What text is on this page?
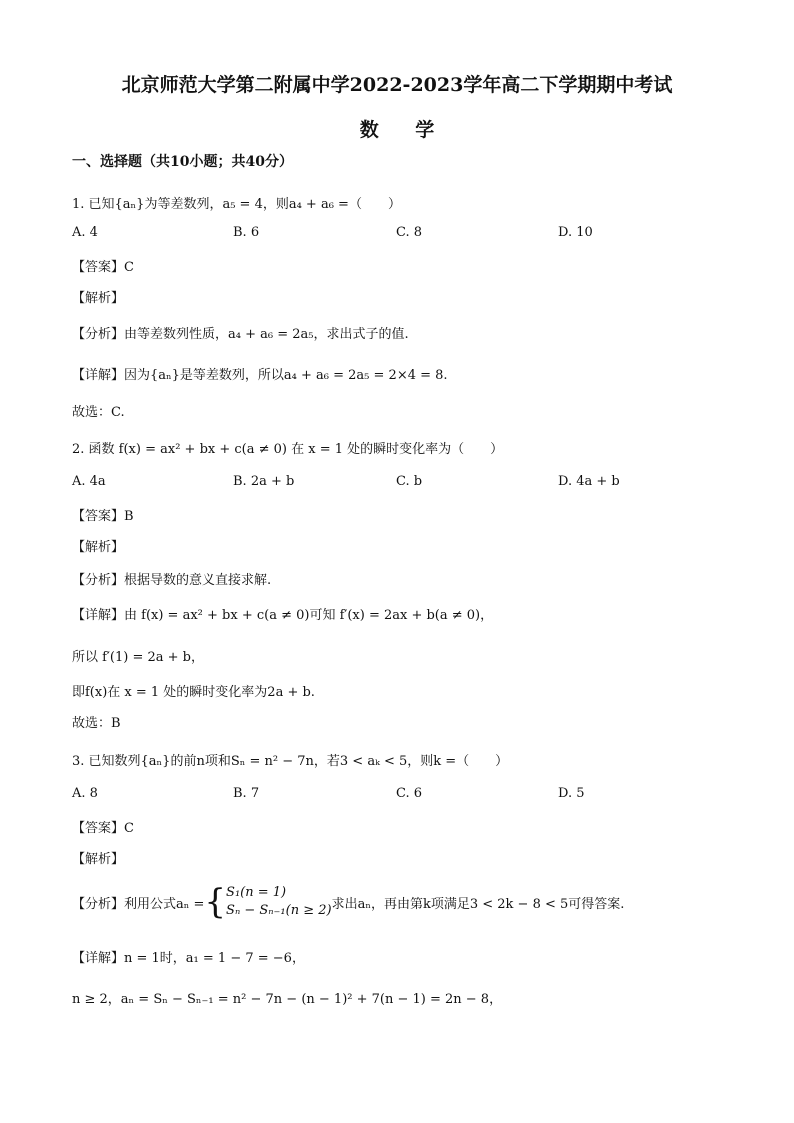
北京师范大学第二附属中学2022-2023学年高二下学期期中考试
数 学
一、选择题（共10小题；共40分）
1. 已知{aₙ}为等差数列，a₅ = 4，则a₄ + a₆ =（　　）
A. 4	B. 6	C. 8	D. 10
【答案】C
【解析】
【分析】由等差数列性质，a₄ + a₆ = 2a₅，求出式子的值.
【详解】因为{aₙ}是等差数列，所以a₄ + a₆ = 2a₅ = 2×4 = 8.
故选：C.
2. 函数 f(x) = ax² + bx + c(a ≠ 0) 在 x = 1 处的瞬时变化率为（　　）
A. 4a	B. 2a + b	C. b	D. 4a + b
【答案】B
【解析】
【分析】根据导数的意义直接求解.
【详解】由 f(x) = ax² + bx + c(a ≠ 0)可知 f′(x) = 2ax + b(a ≠ 0)，
所以 f′(1) = 2a + b，
即f(x)在 x = 1 处的瞬时变化率为2a + b.
故选：B
3. 已知数列{aₙ}的前n项和Sₙ = n² − 7n，若3 < aₖ < 5，则k =（　　）
A. 8	B. 7	C. 6	D. 5
【答案】C
【解析】
【分析】利用公式aₙ = { S₁(n = 1)
Sₙ − Sₙ₋₁(n ≥ 2) 求出aₙ，再由第k项满足3 < 2k − 8 < 5可得答案.
【详解】n = 1时，a₁ = 1 − 7 = −6，
n ≥ 2，aₙ = Sₙ − Sₙ₋₁ = n² − 7n − (n − 1)² + 7(n − 1) = 2n − 8，
